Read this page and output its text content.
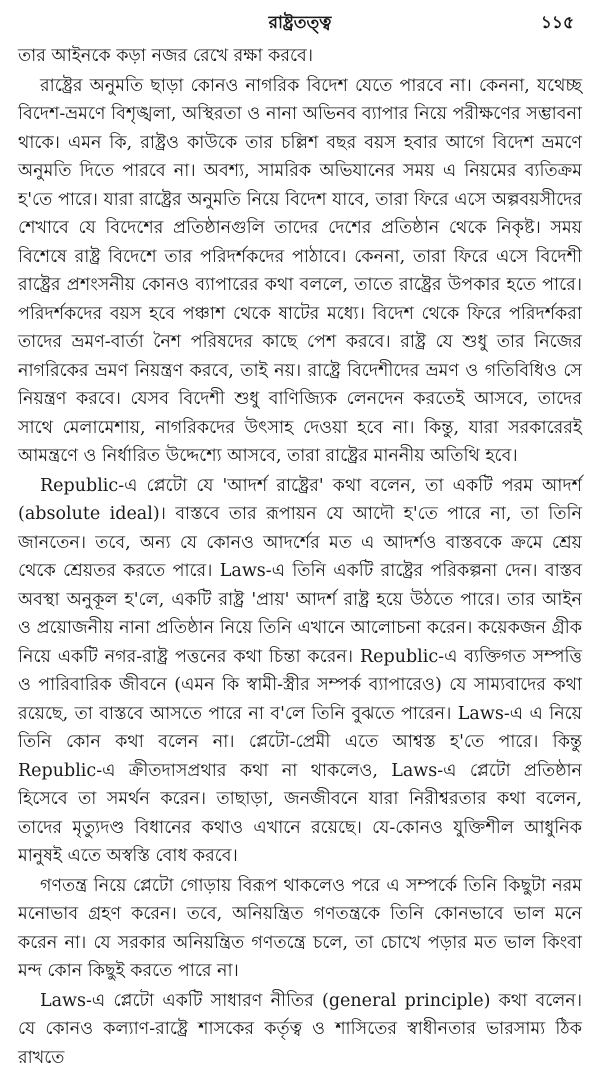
রাষ্ট্রতত্ত্ব	১১৫

তার আইনকে কড়া নজর রেখে রক্ষা করবে।

রাষ্ট্রের অনুমতি ছাড়া কোনও নাগরিক বিদেশ যেতে পারবে না। কেননা, যথেচ্ছ বিদেশ-ভ্রমণে বিশৃঙ্খলা, অস্থিরতা ও নানা অভিনব ব্যাপার নিয়ে পরীক্ষণের সম্ভাবনা থাকে। এমন কি, রাষ্ট্রও কাউকে তার চল্লিশ বছর বয়স হবার আগে বিদেশ ভ্রমণে অনুমতি দিতে পারবে না। অবশ্য, সামরিক অভিযানের সময় এ নিয়মের ব্যতিক্রম হ'তে পারে। যারা রাষ্ট্রের অনুমতি নিয়ে বিদেশ যাবে, তারা ফিরে এসে অল্পবয়সীদের শেখাবে যে বিদেশের প্রতিষ্ঠানগুলি তাদের দেশের প্রতিষ্ঠান থেকে নিকৃষ্ট। সময় বিশেষে রাষ্ট্র বিদেশে তার পরিদর্শকদের পাঠাবে। কেননা, তারা ফিরে এসে বিদেশী রাষ্ট্রের প্রশংসনীয় কোনও ব্যাপারের কথা বললে, তাতে রাষ্ট্রের উপকার হতে পারে। পরিদর্শকদের বয়স হবে পঞ্চাশ থেকে ষাটের মধ্যে। বিদেশ থেকে ফিরে পরিদর্শকরা তাদের ভ্রমণ-বার্তা নৈশ পরিষদের কাছে পেশ করবে। রাষ্ট্র যে শুধু তার নিজের নাগরিকের ভ্রমণ নিয়ন্ত্রণ করবে, তাই নয়। রাষ্ট্রে বিদেশীদের ভ্রমণ ও গতিবিধিও সে নিয়ন্ত্রণ করবে। যেসব বিদেশী শুধু বাণিজ্যিক লেনদেন করতেই আসবে, তাদের সাথে মেলামেশায়, নাগরিকদের উৎসাহ দেওয়া হবে না। কিন্তু, যারা সরকারেরই আমন্ত্রণে ও নির্ধারিত উদ্দেশ্যে আসবে, তারা রাষ্ট্রের মাননীয় অতিথি হবে।

Republic-এ প্লেটো যে 'আদর্শ রাষ্ট্রের' কথা বলেন, তা একটি পরম আদর্শ (absolute ideal)। বাস্তবে তার রূপায়ন যে আদৌ হ'তে পারে না, তা তিনি জানতেন। তবে, অন্য যে কোনও আদর্শের মত এ আদর্শও বাস্তবকে ক্রমে শ্রেয় থেকে শ্রেয়তর করতে পারে। Laws-এ তিনি একটি রাষ্ট্রের পরিকল্পনা দেন। বাস্তব অবস্থা অনুকূল হ'লে, একটি রাষ্ট্র 'প্রায়' আদর্শ রাষ্ট্র হয়ে উঠতে পারে। তার আইন ও প্রয়োজনীয় নানা প্রতিষ্ঠান নিয়ে তিনি এখানে আলোচনা করেন। কয়েকজন গ্রীক নিয়ে একটি নগর-রাষ্ট্র পত্তনের কথা চিন্তা করেন। Republic-এ ব্যক্তিগত সম্পত্তি ও পারিবারিক জীবনে (এমন কি স্বামী-স্ত্রীর সম্পর্ক ব্যাপারেও) যে সাম্যবাদের কথা রয়েছে, তা বাস্তবে আসতে পারে না ব'লে তিনি বুঝতে পারেন। Laws-এ এ নিয়ে তিনি কোন কথা বলেন না। প্লেটো-প্রেমী এতে আশ্বস্ত হ'তে পারে। কিন্তু Republic-এ ক্রীতদাসপ্রথার কথা না থাকলেও, Laws-এ প্লেটো প্রতিষ্ঠান হিসেবে তা সমর্থন করেন। তাছাড়া, জনজীবনে যারা নিরীশ্বরতার কথা বলেন, তাদের মৃত্যুদণ্ড বিধানের কথাও এখানে রয়েছে। যে-কোনও যুক্তিশীল আধুনিক মানুষই এতে অস্বস্তি বোধ করবে।

গণতন্ত্র নিয়ে প্লেটো গোড়ায় বিরূপ থাকলেও পরে এ সম্পর্কে তিনি কিছুটা নরম মনোভাব গ্রহণ করেন। তবে, অনিয়ন্ত্রিত গণতন্ত্রকে তিনি কোনভাবে ভাল মনে করেন না। যে সরকার অনিয়ন্ত্রিত গণতন্ত্রে চলে, তা চোখে পড়ার মত ভাল কিংবা মন্দ কোন কিছুই করতে পারে না।

Laws-এ প্লেটো একটি সাধারণ নীতির (general principle) কথা বলেন। যে কোনও কল্যাণ-রাষ্ট্রে শাসকের কর্তৃত্ব ও শাসিতের স্বাধীনতার ভারসাম্য ঠিক রাখতে
